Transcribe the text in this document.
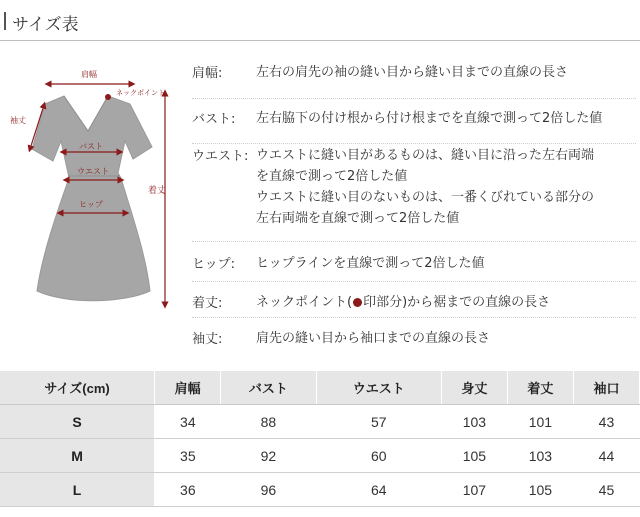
サイズ表
肩幅
ネックポイント
袖丈
バスト
ウエスト
ヒップ
着丈
肩幅:	左右の肩先の袖の縫い目から縫い目までの直線の長さ
バスト:	左右脇下の付け根から付け根までを直線で測って2倍した値
ウエスト: ウエストに縫い目があるものは、縫い目に沿った左右両端
を直線で測って2倍した値
ウエストに縫い目のないものは、一番くびれている部分の
左右両端を直線で測って2倍した値
ヒップ:	ヒップラインを直線で測って2倍した値
着丈:	ネックポイント( 印部分)から裾までの直線の長さ
袖丈:	肩先の縫い目から袖口までの直線の長さ
サイズ(cm)	肩幅	バスト	ウエスト	身丈	着丈	袖口
S	34	88	57	103	101	43
M	35	92	60	105	103	44
L	36	96	64	107	105	45
